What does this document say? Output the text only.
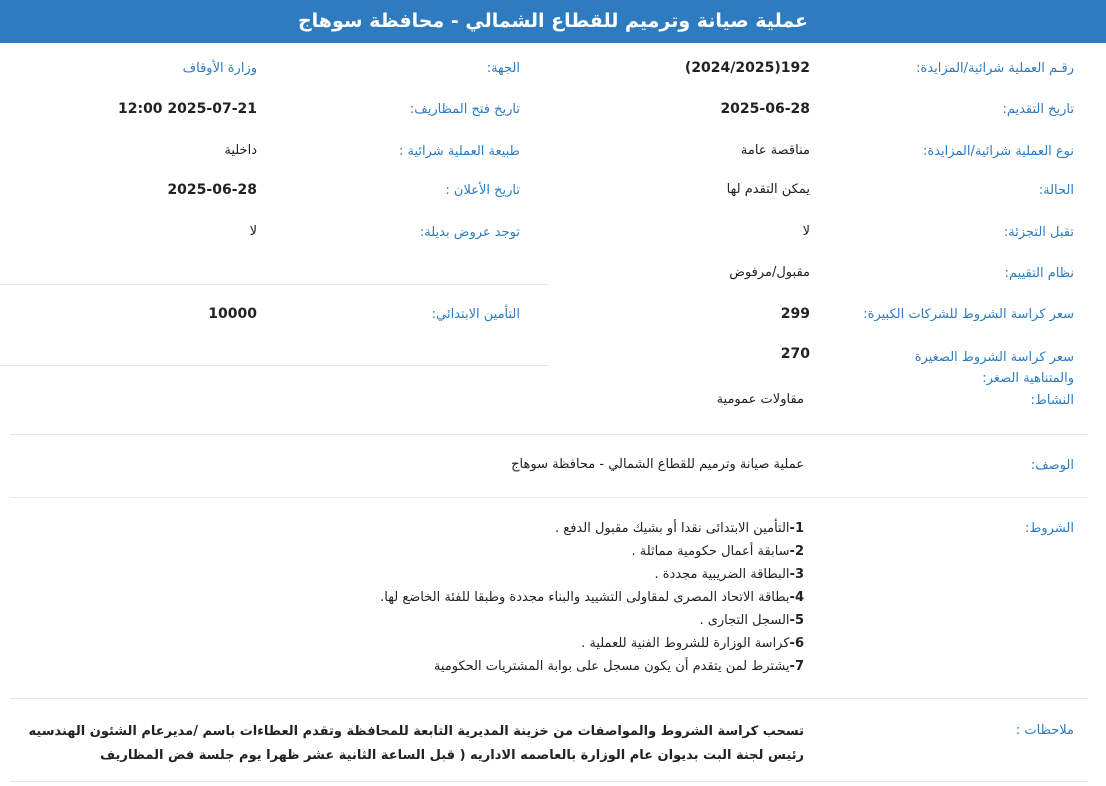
عملية صيانة وترميم للقطاع الشمالي - محافظة سوهاج
رقـم العملية شرائية/المزايدة:
192(2024/2025)
الجهة:
وزارة الأوقاف
تاريخ التقديم:
2025-06-28
تاريخ فتح المظاريف:
2025-07-21 12:00
نوع العملية شرائية/المزايدة:
مناقصة عامة
طبيعة العملية شرائية :
داخلية
الحالة:
يمكن التقدم لها
تاريخ الأعلان :
2025-06-28
تقبل التجزئة:
لا
توجد عروض بديلة:
لا
نظام التقييم:
مقبول/مرفوض
سعر كراسة الشروط للشركات الكبيرة:
299
التأمين الابتدائي:
10000
سعر كراسة الشروط الصغيرة والمتناهية الصغر:
270
النشاط:
مقاولات عمومية
الوصف:
عملية صيانة وترميم للقطاع الشمالي - محافظة سوهاج
الشروط:
1-التأمين الابتدائى نقدا أو بشيك مقبول الدفع .
2-سابقة أعمال حكومية مماثلة .
3-البطاقة الضريبية مجددة .
4-بطاقة الاتحاد المصرى لمقاولى التشييد والبناء مجددة وطبقا للفئة الخاضع لها.
5-السجل التجارى .
6-كراسة الوزارة للشروط الفنية للعملية .
7-يشترط لمن يتقدم أن يكون مسجل على بوابة المشتريات الحكومية
ملاحظات :
تسحب كراسة الشروط والمواصفات من خزينة المديرية التابعة للمحافظة وتقدم العطاءات باسم /مديرعام الشئون الهندسيه رئيس لجنة البت بديوان عام الوزارة بالعاصمه الاداريه ( قبل الساعة الثانية عشر ظهرا يوم جلسة فض المظاريف
